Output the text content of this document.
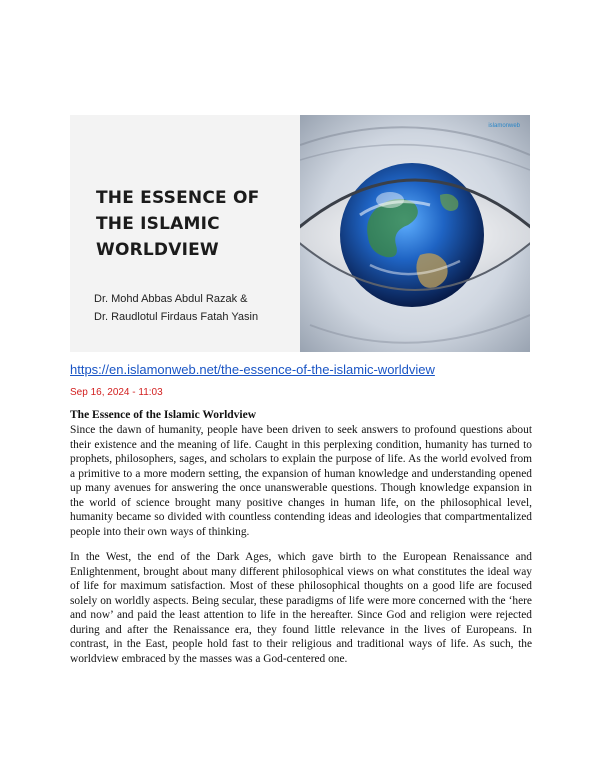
THE ESSENCE OF
THE ISLAMIC
WORLDVIEW
Dr. Mohd Abbas Abdul Razak &
Dr. Raudlotul Firdaus Fatah Yasin
islamonweb
https://en.islamonweb.net/the-essence-of-the-islamic-worldview
Sep 16, 2024 - 11:03
The Essence of the Islamic Worldview

Since the dawn of humanity, people have been driven to seek answers to profound questions about their existence and the meaning of life. Caught in this perplexing condition, humanity has turned to prophets, philosophers, sages, and scholars to explain the purpose of life. As the world evolved from a primitive to a more modern setting, the expansion of human knowledge and understanding opened up many avenues for answering the once unanswerable questions. Though knowledge expansion in the world of science brought many positive changes in human life, on the philosophical level, humanity became so divided with countless contending ideas and ideologies that compartmentalized people into their own ways of thinking.

In the West, the end of the Dark Ages, which gave birth to the European Renaissance and Enlightenment, brought about many different philosophical views on what constitutes the ideal way of life for maximum satisfaction. Most of these philosophical thoughts on a good life are focused solely on worldly aspects. Being secular, these paradigms of life were more concerned with the ‘here and now’ and paid the least attention to life in the hereafter. Since God and religion were rejected during and after the Renaissance era, they found little relevance in the lives of Europeans. In contrast, in the East, people hold fast to their religious and traditional ways of life. As such, the worldview embraced by the masses was a God-centered one.
